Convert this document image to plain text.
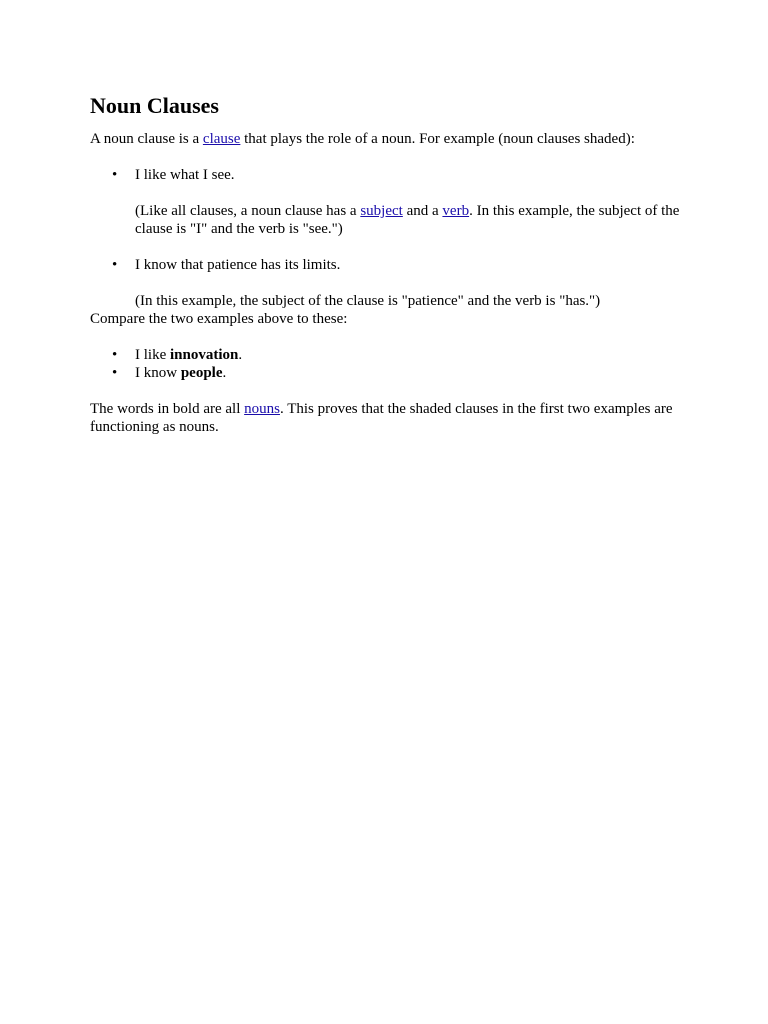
Noun Clauses

A noun clause is a clause that plays the role of a noun. For example (noun clauses shaded):

• I like what I see.

(Like all clauses, a noun clause has a subject and a verb. In this example, the subject of the clause is "I" and the verb is "see.")

• I know that patience has its limits.

(In this example, the subject of the clause is "patience" and the verb is "has.")

Compare the two examples above to these:

• I like innovation.
• I know people.

The words in bold are all nouns. This proves that the shaded clauses in the first two examples are functioning as nouns.
